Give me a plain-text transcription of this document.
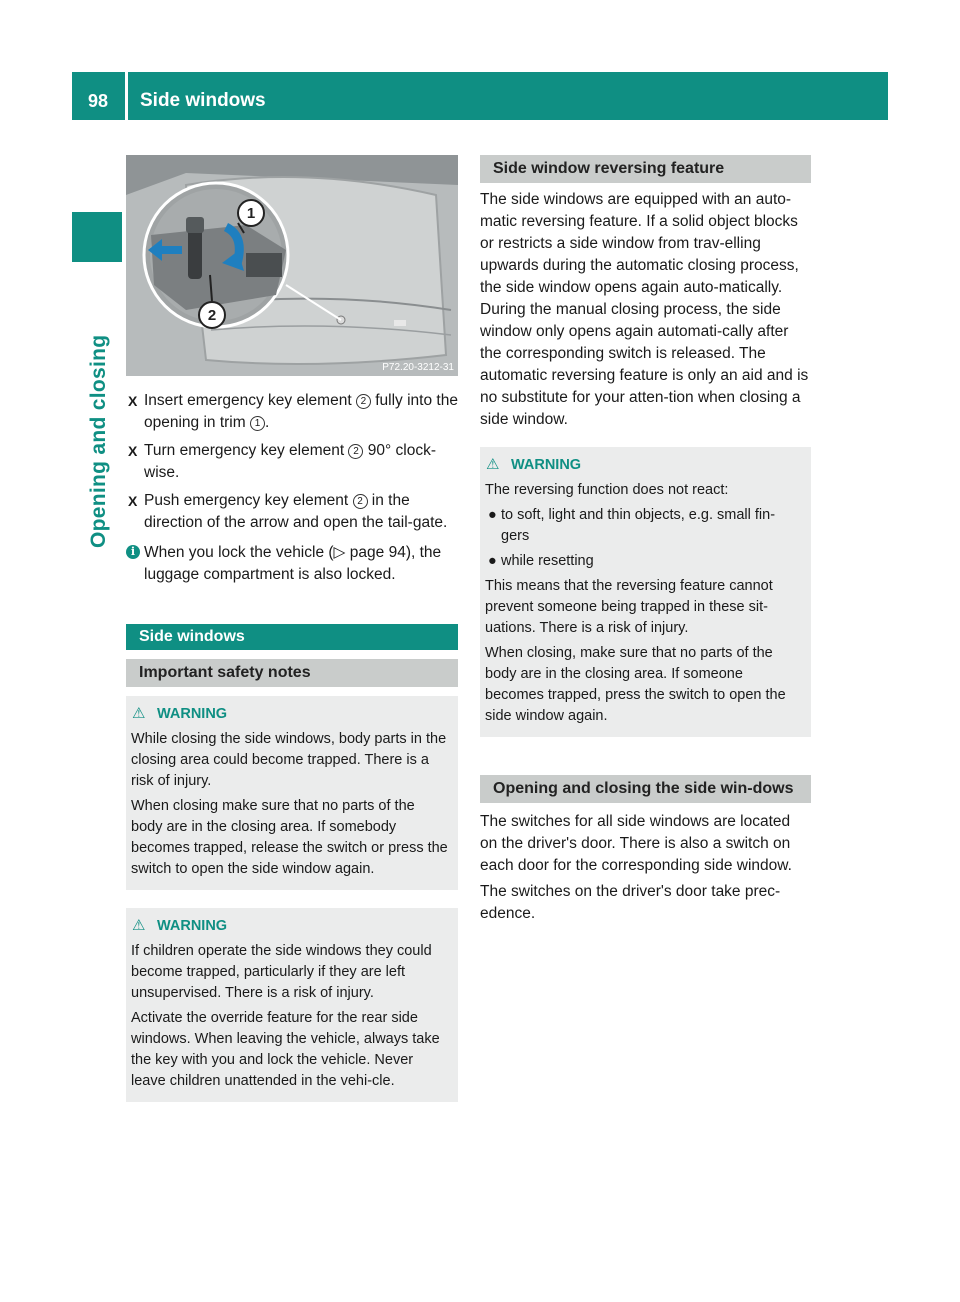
98	Side windows
Opening and closing
1
2
P72.20-3212-31
X Insert emergency key element 2 fully into the opening in trim 1 .
X Turn emergency key element 2 90° clock-wise.
X Push emergency key element 2 in the direction of the arrow and open the tail-gate.
i When you lock the vehicle (▷ page 94), the luggage compartment is also locked.
Side windows
Important safety notes
⚠ WARNING

While closing the side windows, body parts in the closing area could become trapped. There is a risk of injury.

When closing make sure that no parts of the body are in the closing area. If somebody becomes trapped, release the switch or press the switch to open the side window again.

⚠ WARNING

If children operate the side windows they could become trapped, particularly if they are left unsupervised. There is a risk of injury.

Activate the override feature for the rear side windows. When leaving the vehicle, always take the key with you and lock the vehicle. Never leave children unattended in the vehi-cle.

Side window reversing feature

The side windows are equipped with an auto-matic reversing feature. If a solid object blocks or restricts a side window from trav-elling upwards during the automatic closing process, the side window opens again auto-matically. During the manual closing process, the side window only opens again automati-cally after the corresponding switch is released. The automatic reversing feature is only an aid and is no substitute for your atten-tion when closing a side window.

⚠ WARNING

The reversing function does not react:

● to soft, light and thin objects, e.g. small fin-gers
● while resetting

This means that the reversing feature cannot prevent someone being trapped in these sit-uations. There is a risk of injury.

When closing, make sure that no parts of the body are in the closing area. If someone becomes trapped, press the switch to open the side window again.

Opening and closing the side win-dows

The switches for all side windows are located on the driver's door. There is also a switch on each door for the corresponding side window.

The switches on the driver's door take prec-edence.
